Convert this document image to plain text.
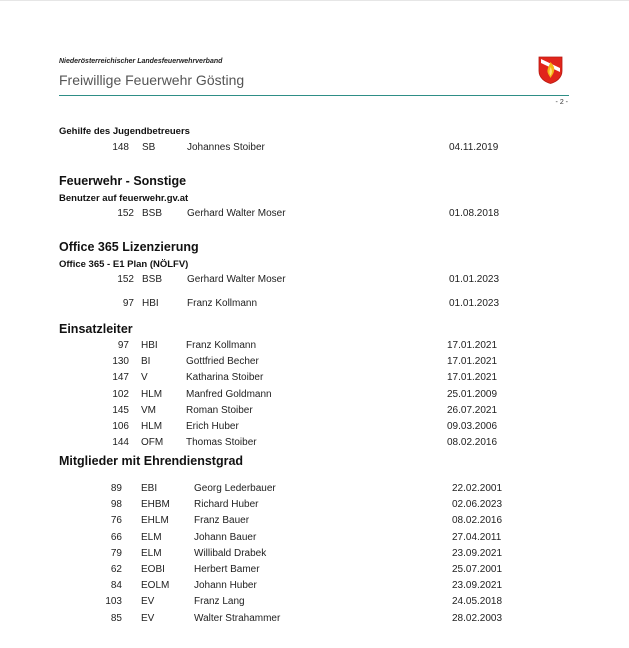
Niederösterreichischer Landesfeuerwehrverband
Freiwillige Feuerwehr Gösting
- 2 -
Gehilfe des Jugendbetreuers
148 SB	Johannes Stoiber	04.11.2019
Feuerwehr - Sonstige
Benutzer auf feuerwehr.gv.at
152 BSB Gerhard Walter Moser	01.08.2018
Office 365 Lizenzierung
Office 365 - E1 Plan (NÖLFV)
152 BSB Gerhard Walter Moser	01.01.2023
97 HBI	Franz Kollmann	01.01.2023
Einsatzleiter
97 HBI	Franz Kollmann	17.01.2021
130 BI	Gottfried Becher	17.01.2021
147 V	Katharina Stoiber	17.01.2021
102 HLM Manfred Goldmann	25.01.2009
145 VM	Roman Stoiber	26.07.2021
106 HLM Erich Huber	09.03.2006
144 OFM Thomas Stoiber	08.02.2016
Mitglieder mit Ehrendienstgrad
89 EBI	Georg Lederbauer	22.02.2001
98 EHBM Richard Huber	02.06.2023
76 EHLM	Franz Bauer	08.02.2016
66 ELM	Johann Bauer	27.04.2011
79 ELM	Willibald Drabek	23.09.2021
62 EOBI	Herbert Bamer	25.07.2001
84 EOLM Johann Huber	23.09.2021
103 EV	Franz Lang	24.05.2018
85 EV	Walter Strahammer	28.02.2003
